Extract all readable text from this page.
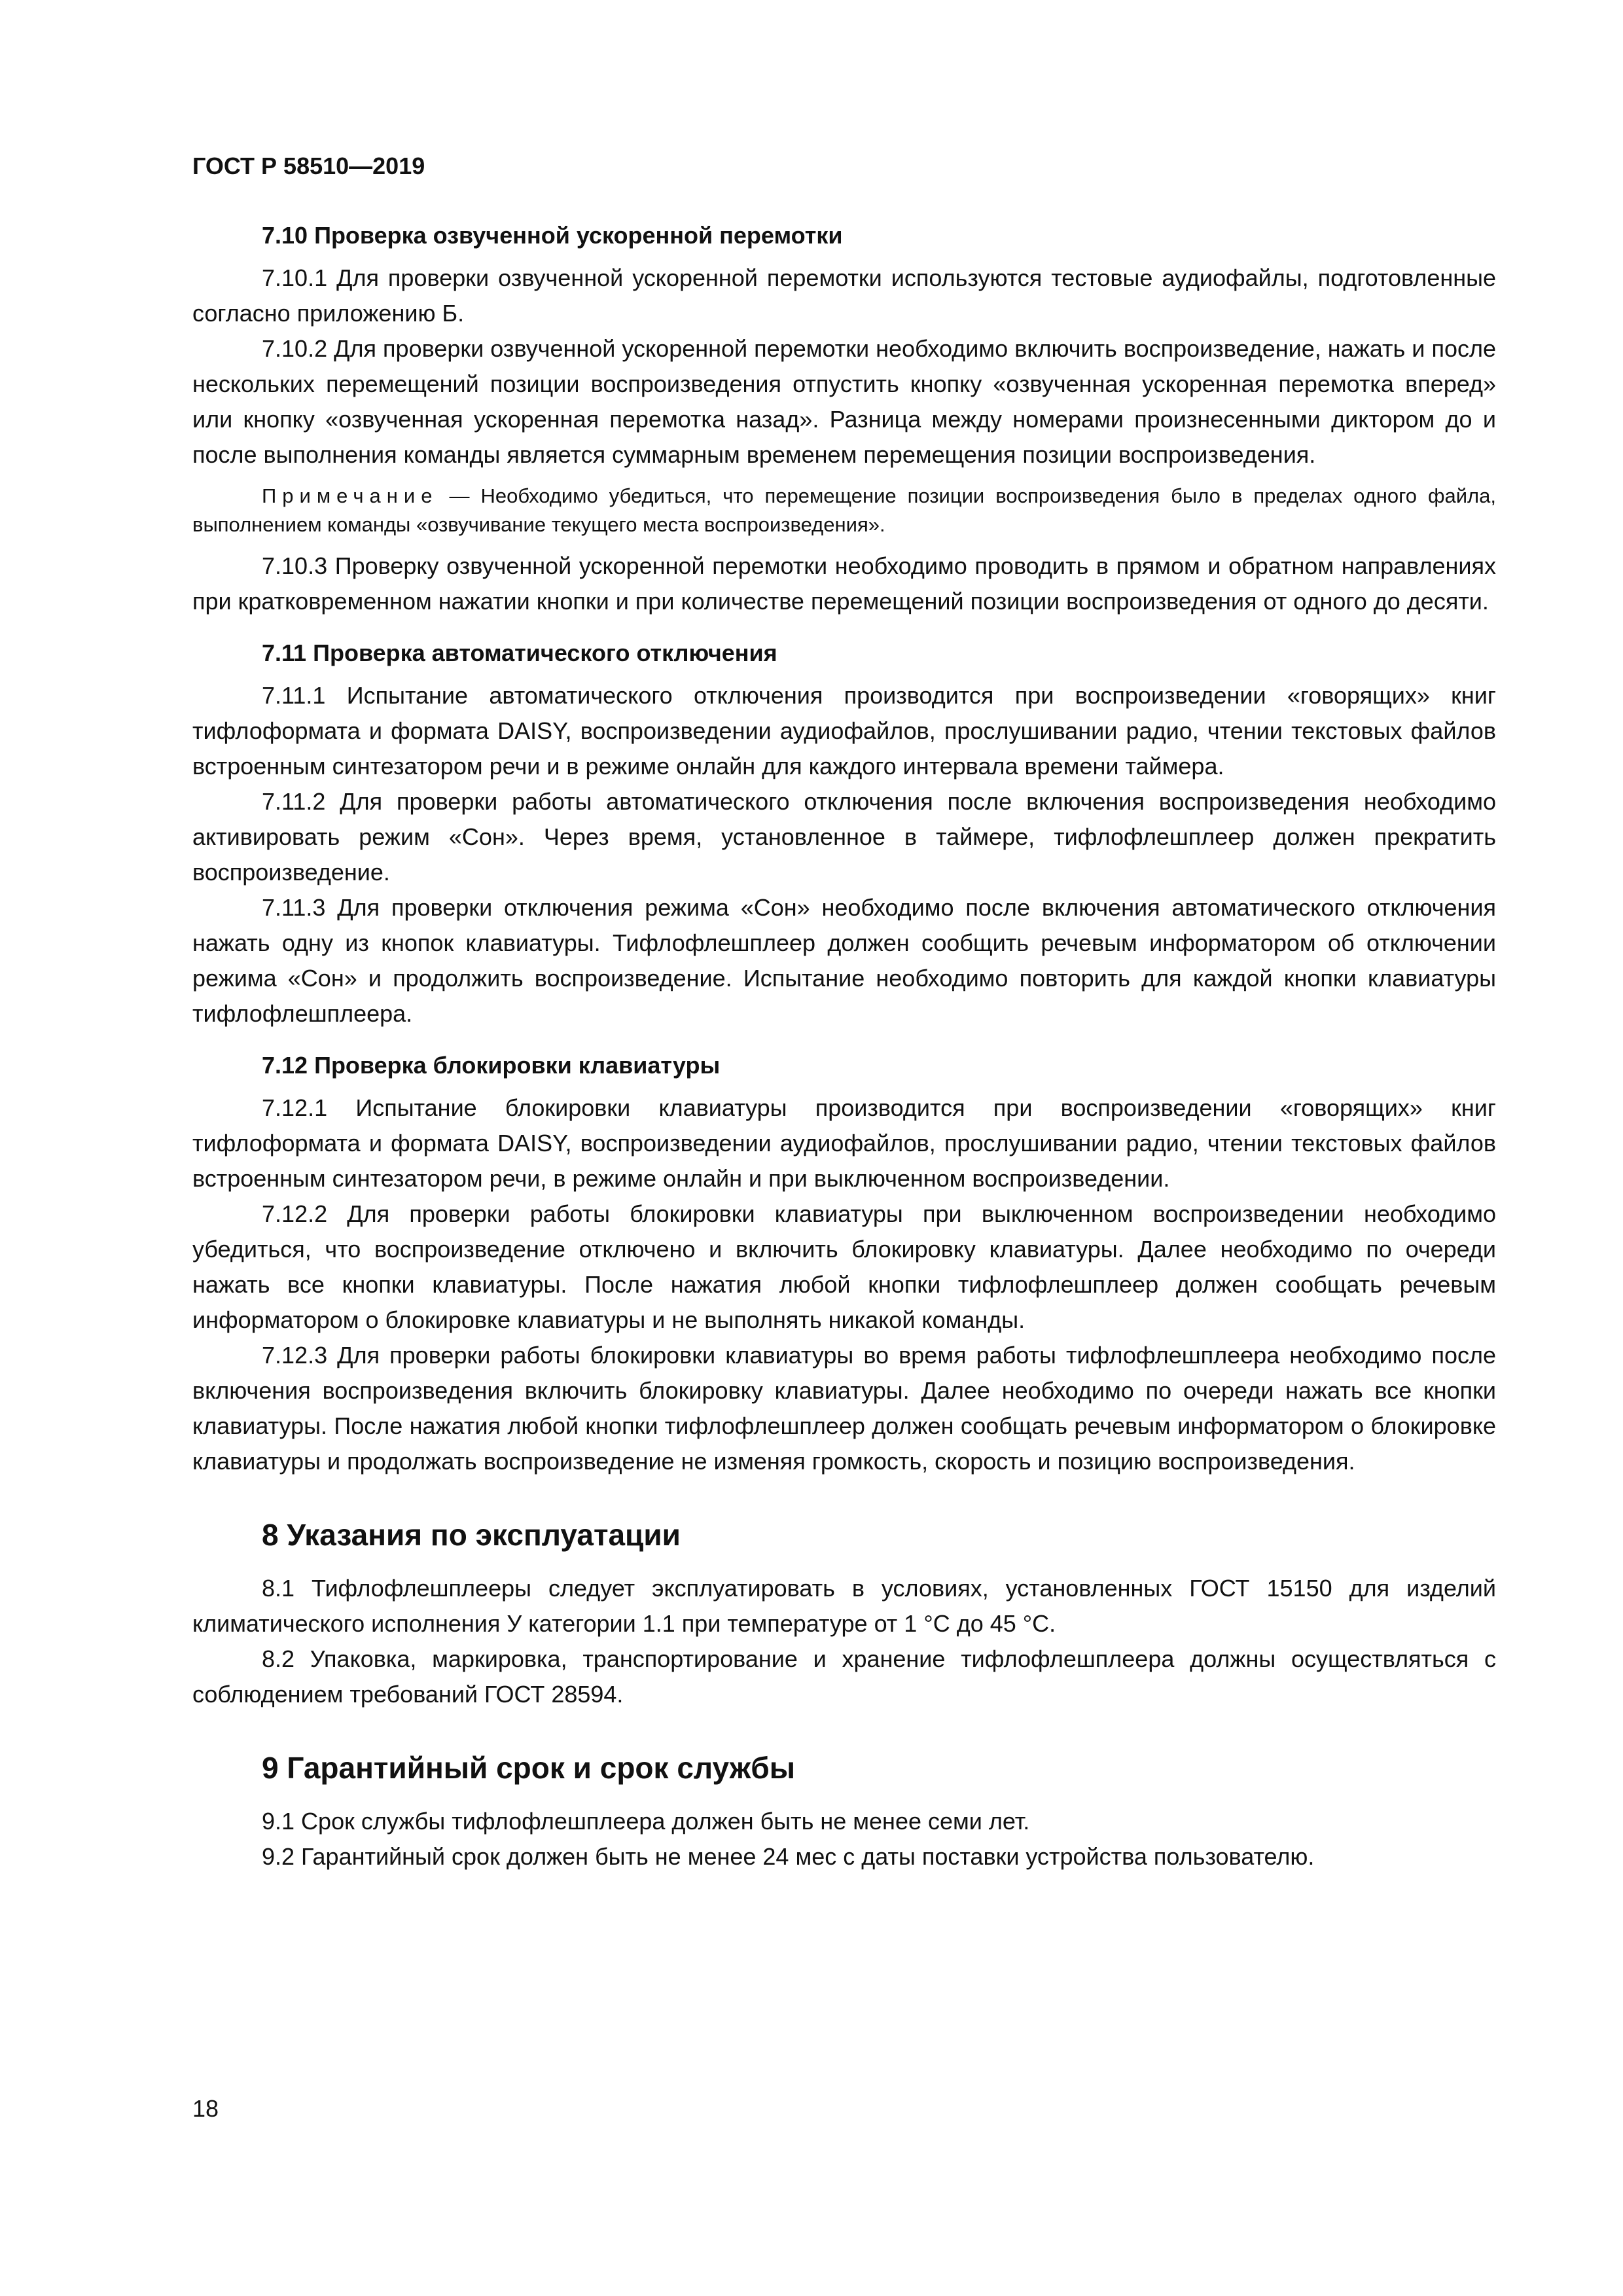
ГОСТ Р 58510—2019

7.10 Проверка озвученной ускоренной перемотки

7.10.1 Для проверки озвученной ускоренной перемотки используются тестовые аудиофайлы, подготовленные согласно приложению Б.

7.10.2 Для проверки озвученной ускоренной перемотки необходимо включить воспроизведение, нажать и после нескольких перемещений позиции воспроизведения отпустить кнопку «озвученная ускоренная перемотка вперед» или кнопку «озвученная ускоренная перемотка назад». Разница между номерами произнесенными диктором до и после выполнения команды является суммарным временем перемещения позиции воспроизведения.

Примечание — Необходимо убедиться, что перемещение позиции воспроизведения было в пределах одного файла, выполнением команды «озвучивание текущего места воспроизведения».

7.10.3 Проверку озвученной ускоренной перемотки необходимо проводить в прямом и обратном направлениях при кратковременном нажатии кнопки и при количестве перемещений позиции воспроизведения от одного до десяти.

7.11 Проверка автоматического отключения

7.11.1 Испытание автоматического отключения производится при воспроизведении «говорящих» книг тифлоформата и формата DAISY, воспроизведении аудиофайлов, прослушивании радио, чтении текстовых файлов встроенным синтезатором речи и в режиме онлайн для каждого интервала времени таймера.

7.11.2 Для проверки работы автоматического отключения после включения воспроизведения необходимо активировать режим «Сон». Через время, установленное в таймере, тифлофлешплеер должен прекратить воспроизведение.

7.11.3 Для проверки отключения режима «Сон» необходимо после включения автоматического отключения нажать одну из кнопок клавиатуры. Тифлофлешплеер должен сообщить речевым информатором об отключении режима «Сон» и продолжить воспроизведение. Испытание необходимо повторить для каждой кнопки клавиатуры тифлофлешплеера.

7.12 Проверка блокировки клавиатуры

7.12.1 Испытание блокировки клавиатуры производится при воспроизведении «говорящих» книг тифлоформата и формата DAISY, воспроизведении аудиофайлов, прослушивании радио, чтении текстовых файлов встроенным синтезатором речи, в режиме онлайн и при выключенном воспроизведении.

7.12.2 Для проверки работы блокировки клавиатуры при выключенном воспроизведении необходимо убедиться, что воспроизведение отключено и включить блокировку клавиатуры. Далее необходимо по очереди нажать все кнопки клавиатуры. После нажатия любой кнопки тифлофлешплеер должен сообщать речевым информатором о блокировке клавиатуры и не выполнять никакой команды.

7.12.3 Для проверки работы блокировки клавиатуры во время работы тифлофлешплеера необходимо после включения воспроизведения включить блокировку клавиатуры. Далее необходимо по очереди нажать все кнопки клавиатуры. После нажатия любой кнопки тифлофлешплеер должен сообщать речевым информатором о блокировке клавиатуры и продолжать воспроизведение не изменяя громкость, скорость и позицию воспроизведения.

8 Указания по эксплуатации

8.1 Тифлофлешплееры следует эксплуатировать в условиях, установленных ГОСТ 15150 для изделий климатического исполнения У категории 1.1 при температуре от 1 °С до 45 °С.

8.2 Упаковка, маркировка, транспортирование и хранение тифлофлешплеера должны осуществляться с соблюдением требований ГОСТ 28594.

9 Гарантийный срок и срок службы

9.1 Срок службы тифлофлешплеера должен быть не менее семи лет.

9.2 Гарантийный срок должен быть не менее 24 мес с даты поставки устройства пользователю.

18
